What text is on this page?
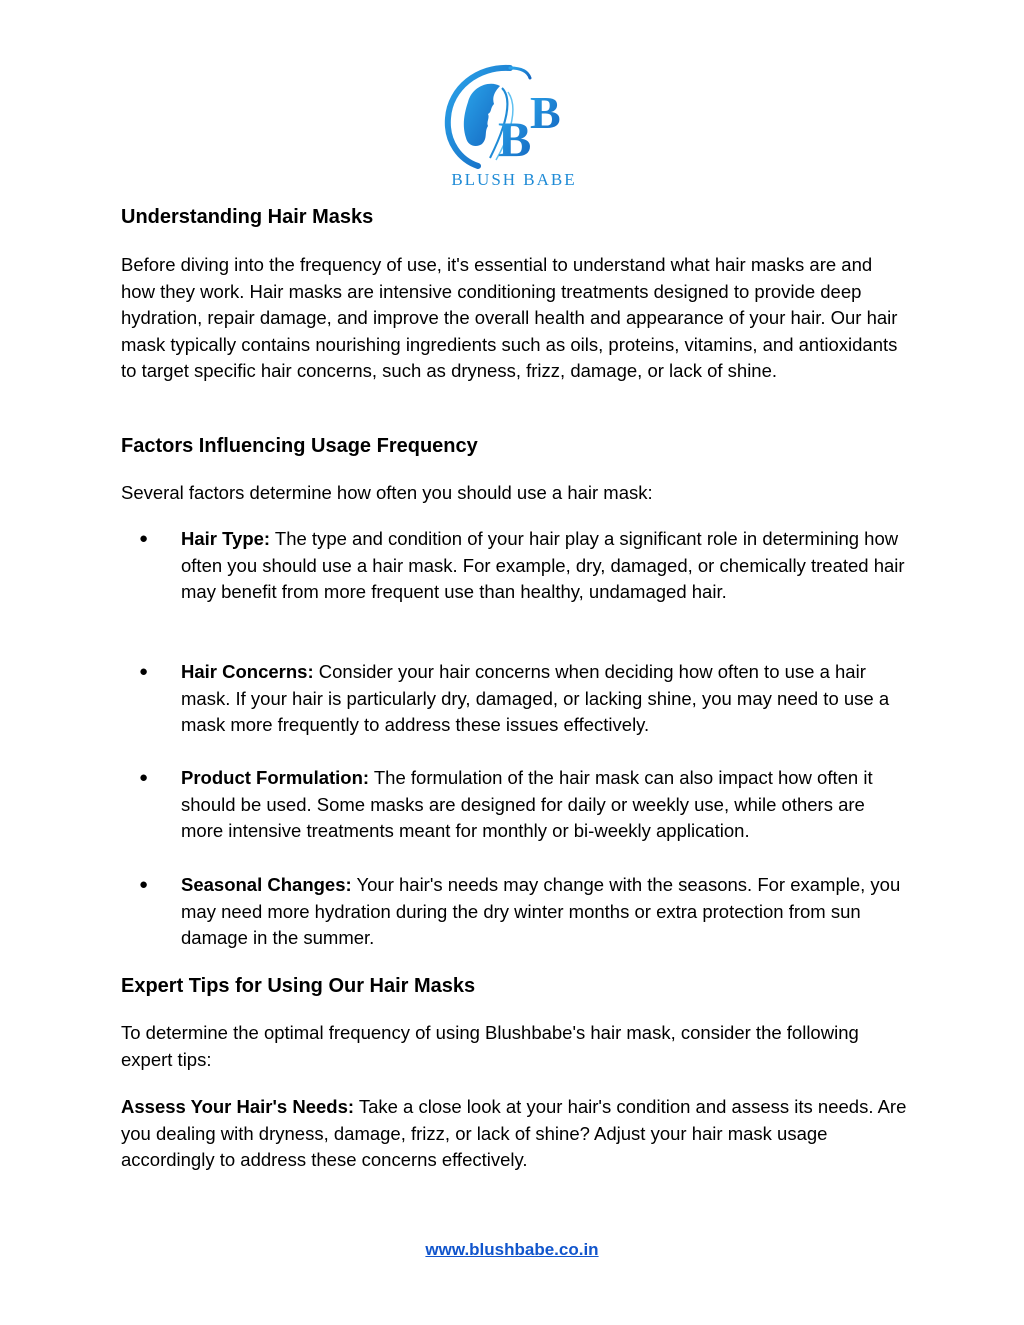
B
B
BLUSH BABE
Understanding Hair Masks

Before diving into the frequency of use, it's essential to understand what hair masks are and how they work. Hair masks are intensive conditioning treatments designed to provide deep hydration, repair damage, and improve the overall health and appearance of your hair. Our hair mask typically contains nourishing ingredients such as oils, proteins, vitamins, and antioxidants to target specific hair concerns, such as dryness, frizz, damage, or lack of shine.

Factors Influencing Usage Frequency

Several factors determine how often you should use a hair mask:

● Hair Type: The type and condition of your hair play a significant role in determining how often you should use a hair mask. For example, dry, damaged, or chemically treated hair may benefit from more frequent use than healthy, undamaged hair.
● Hair Concerns: Consider your hair concerns when deciding how often to use a hair mask. If your hair is particularly dry, damaged, or lacking shine, you may need to use a mask more frequently to address these issues effectively.
● Product Formulation: The formulation of the hair mask can also impact how often it should be used. Some masks are designed for daily or weekly use, while others are more intensive treatments meant for monthly or bi-weekly application.
● Seasonal Changes: Your hair's needs may change with the seasons. For example, you may need more hydration during the dry winter months or extra protection from sun damage in the summer.
Expert Tips for Using Our Hair Masks

To determine the optimal frequency of using Blushbabe's hair mask, consider the following expert tips:

Assess Your Hair's Needs: Take a close look at your hair's condition and assess its needs. Are you dealing with dryness, damage, frizz, or lack of shine? Adjust your hair mask usage accordingly to address these concerns effectively.

www.blushbabe.co.in
